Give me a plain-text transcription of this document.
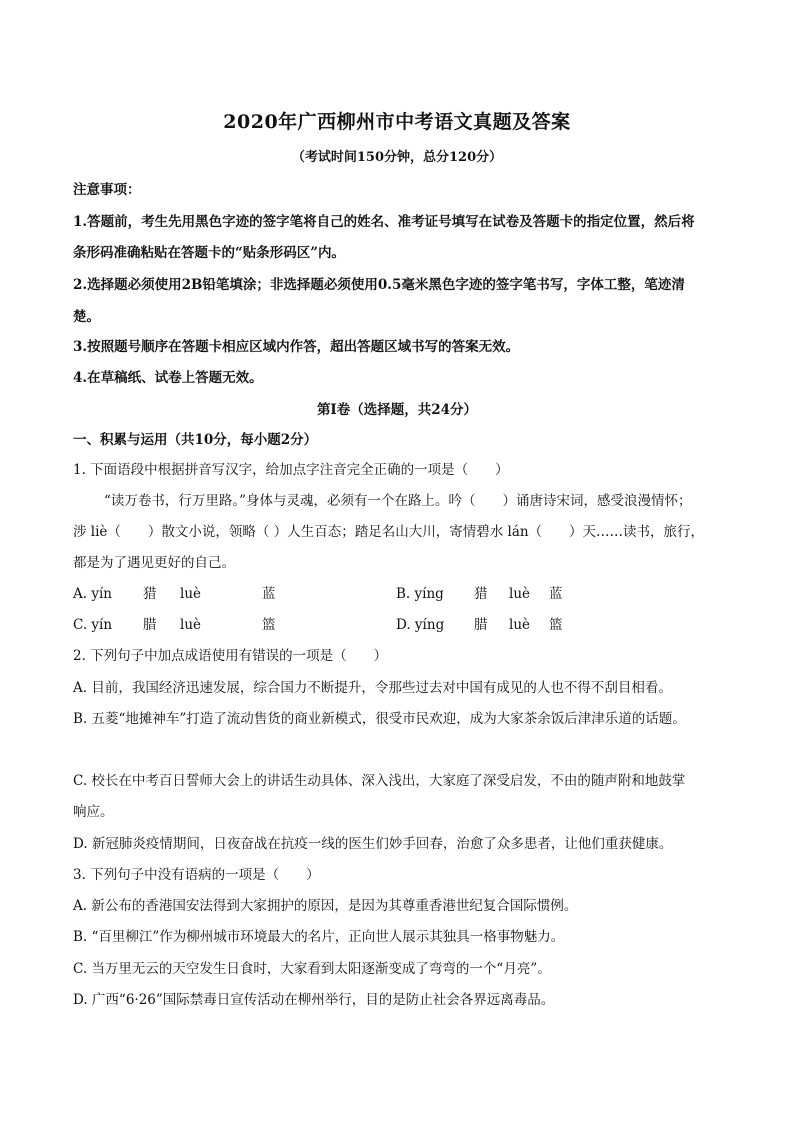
2020年广西柳州市中考语文真题及答案
（考试时间150分钟，总分120分）
注意事项：
1.答题前，考生先用黑色字迹的签字笔将自己的姓名、准考证号填写在试卷及答题卡的指定位置，然后将
条形码准确粘贴在答题卡的“贴条形码区”内。
2.选择题必须使用2B铅笔填涂；非选择题必须使用0.5毫米黑色字迹的签字笔书写，字体工整，笔迹清
楚。
3.按照题号顺序在答题卡相应区域内作答，超出答题区域书写的答案无效。
4.在草稿纸、试卷上答题无效。
第Ⅰ卷（选择题，共24分）
一、积累与运用（共10分，每小题2分）
1. 下面语段中根据拼音写汉字，给加点字注音完全正确的一项是（　　）
“读万卷书，行万里路。”身体与灵魂，必须有一个在路上。吟（　　）诵唐诗宋词，感受浪漫情怀；
涉 liè（　　）散文小说，领略（ ）人生百态；踏足名山大川，寄情碧水 lán（　　）天……读书，旅行，
都是为了遇见更好的自己。
A. yín 猎 luè	蓝	B. yíng 猎 luè 蓝
C. yín 腊 luè	篮	D. yíng 腊 luè 篮
2. 下列句子中加点成语使用有错误的一项是（　　）
A. 目前，我国经济迅速发展，综合国力不断提升，令那些过去对中国有成见的人也不得不刮目相看。
B. 五菱“地摊神车”打造了流动售货的商业新模式，很受市民欢迎，成为大家茶余饭后津津乐道的话题。
C. 校长在中考百日誓师大会上的讲话生动具体、深入浅出，大家庭了深受启发，不由的随声附和地鼓掌
响应。
D. 新冠肺炎疫情期间，日夜奋战在抗疫一线的医生们妙手回春，治愈了众多患者，让他们重获健康。
3. 下列句子中没有语病的一项是（　　）
A. 新公布的香港国安法得到大家拥护的原因，是因为其尊重香港世纪复合国际惯例。
B. “百里柳江”作为柳州城市环境最大的名片，正向世人展示其独具一格事物魅力。
C. 当万里无云的天空发生日食时，大家看到太阳逐渐变成了弯弯的一个“月亮”。
D. 广西“6·26”国际禁毒日宣传活动在柳州举行，目的是防止社会各界远离毒品。
